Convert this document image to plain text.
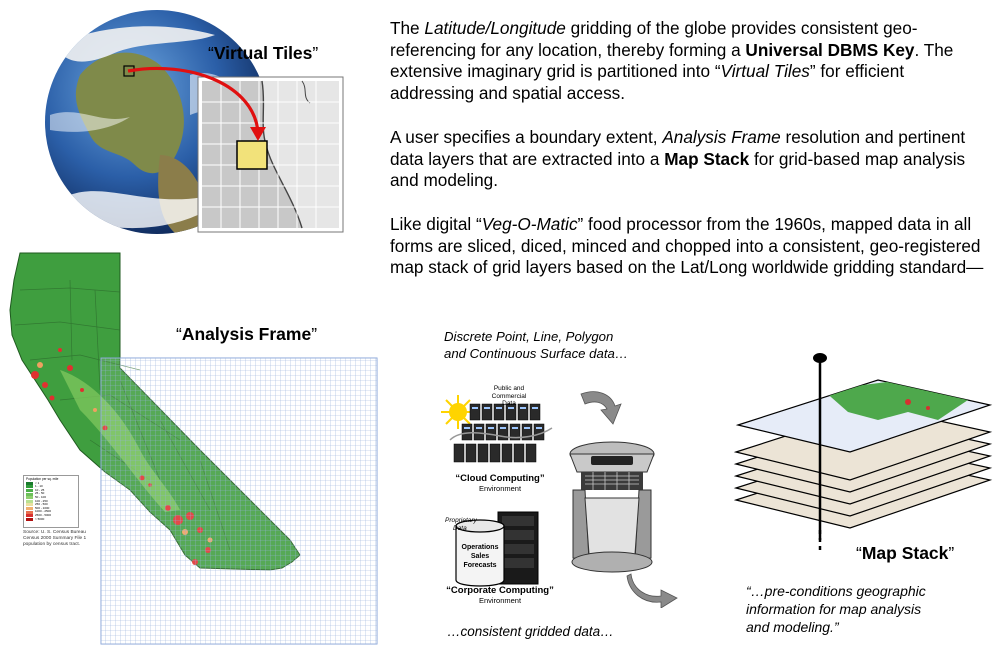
“Virtual Tiles”
The Latitude/Longitude gridding of the globe provides consistent geo-referencing for any location, thereby forming a Universal DBMS Key. The extensive imaginary grid is partitioned into “Virtual Tiles” for efficient addressing and spatial access.
A user specifies a boundary extent, Analysis Frame resolution and pertinent data layers that are extracted into a Map Stack for grid-based map analysis and modeling.
Like digital “Veg-O-Matic” food processor from the 1960s, mapped data in all forms are sliced, diced, minced and chopped into a consistent, geo-registered map stack of grid layers based on the Lat/Long worldwide gridding standard—
“Analysis Frame”
Population per sq. mile
< 1
1 - 10
10 - 25
25 - 50
50 - 100
100 - 250
250 - 500
500 - 1000
1000 - 2500
2500 - 5000
> 5000
Source: U. S. Census Bureau
Census 2000 Summary File 1
population by census tract.
Discrete Point, Line, Polygon
and Continuous Surface data…
Public and
Commercial Data
“Cloud Computing”
Environment
Proprietary
Data
Operations
Sales
Forecasts
“Corporate Computing”
Environment
…consistent gridded data…
“Map Stack”
“…pre-conditions geographic
information for map analysis
and modeling.”
